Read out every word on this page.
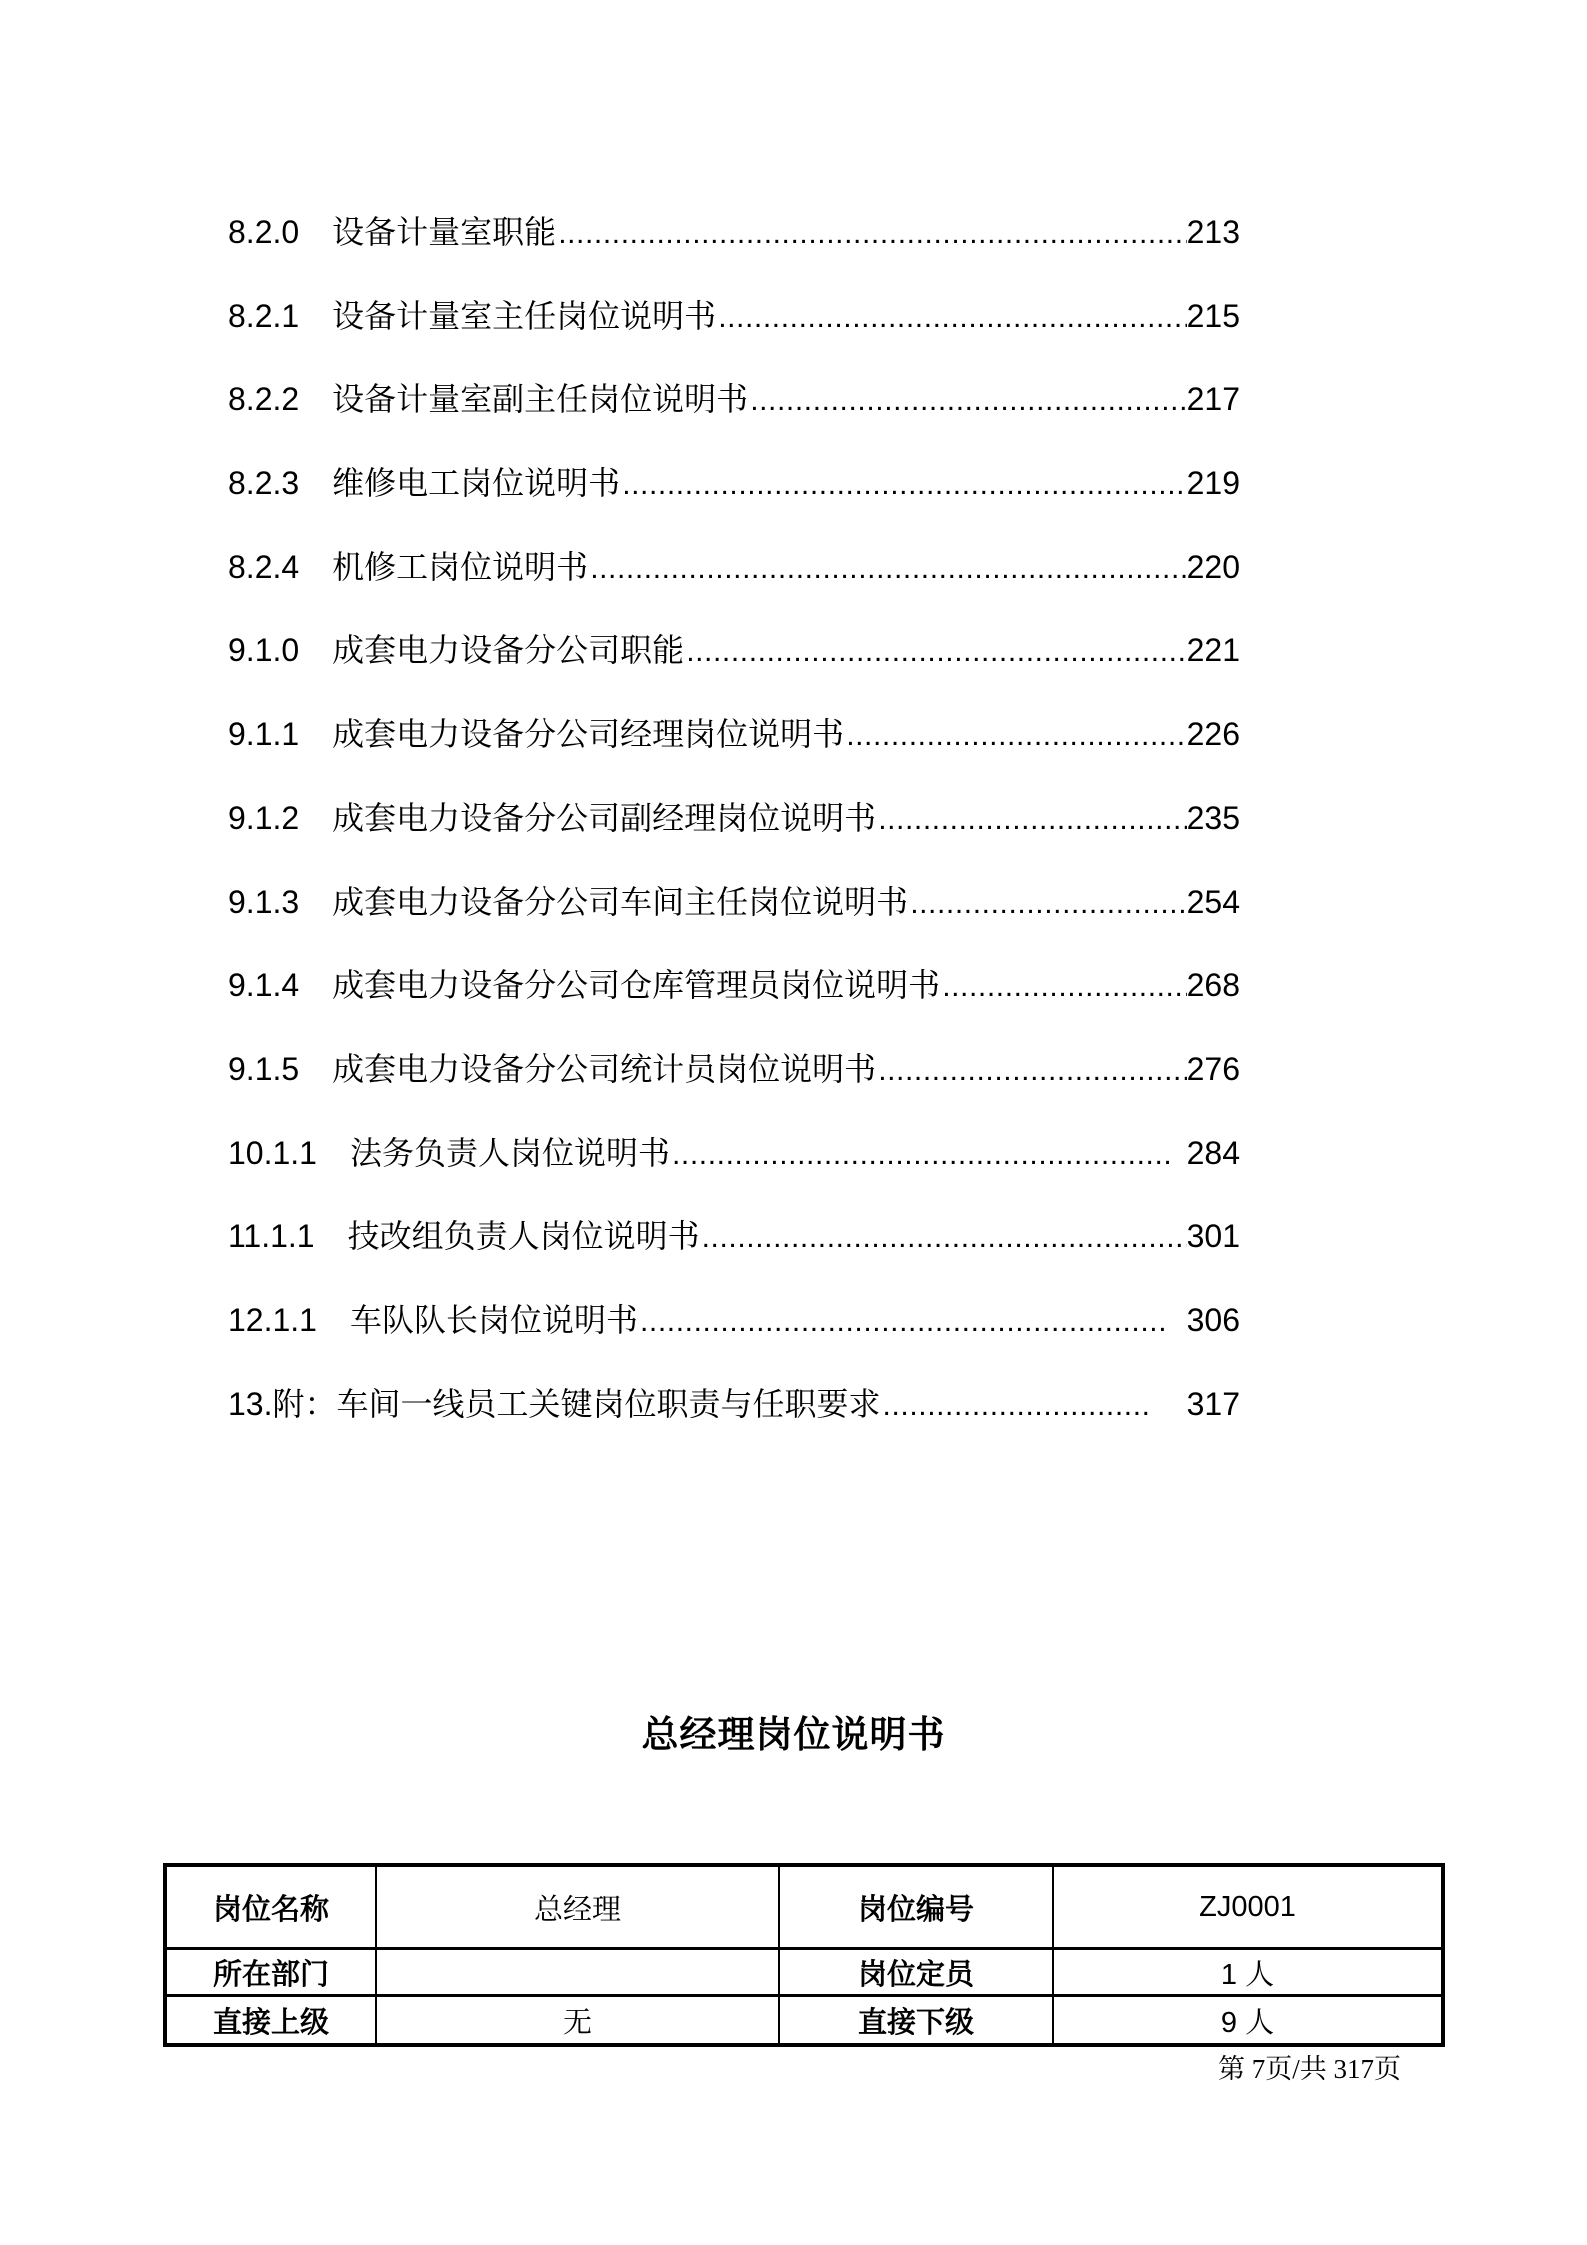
8.2.0 设备计量室职能 .....	213
8.2.1 设备计量室主任岗位说明书 .....	215
8.2.2 设备计量室副主任岗位说明书 .....	217
8.2.3 维修电工岗位说明书 .....	219
8.2.4 机修工岗位说明书 .....	220
9.1.0 成套电力设备分公司职能 .....	221
9.1.1 成套电力设备分公司经理岗位说明书 .....	226
9.1.2 成套电力设备分公司副经理岗位说明书 .....	235
9.1.3 成套电力设备分公司车间主任岗位说明书 .....	254
9.1.4 成套电力设备分公司仓库管理员岗位说明书 .....	268
9.1.5 成套电力设备分公司统计员岗位说明书 .....	276
10.1.1 法务负责人岗位说明书 .....	284
11.1.1 技改组负责人岗位说明书 .....	301
12.1.1 车队队长岗位说明书 .....	306
13.附： 车间一线员工关键岗位职责与任职要求 .....	317
总经理岗位说明书
岗位名称	总经理	岗位编号	ZJ0001
所在部门		岗位定员	1 人
直接上级	无	直接下级	9 人
第 7页/共 317页
